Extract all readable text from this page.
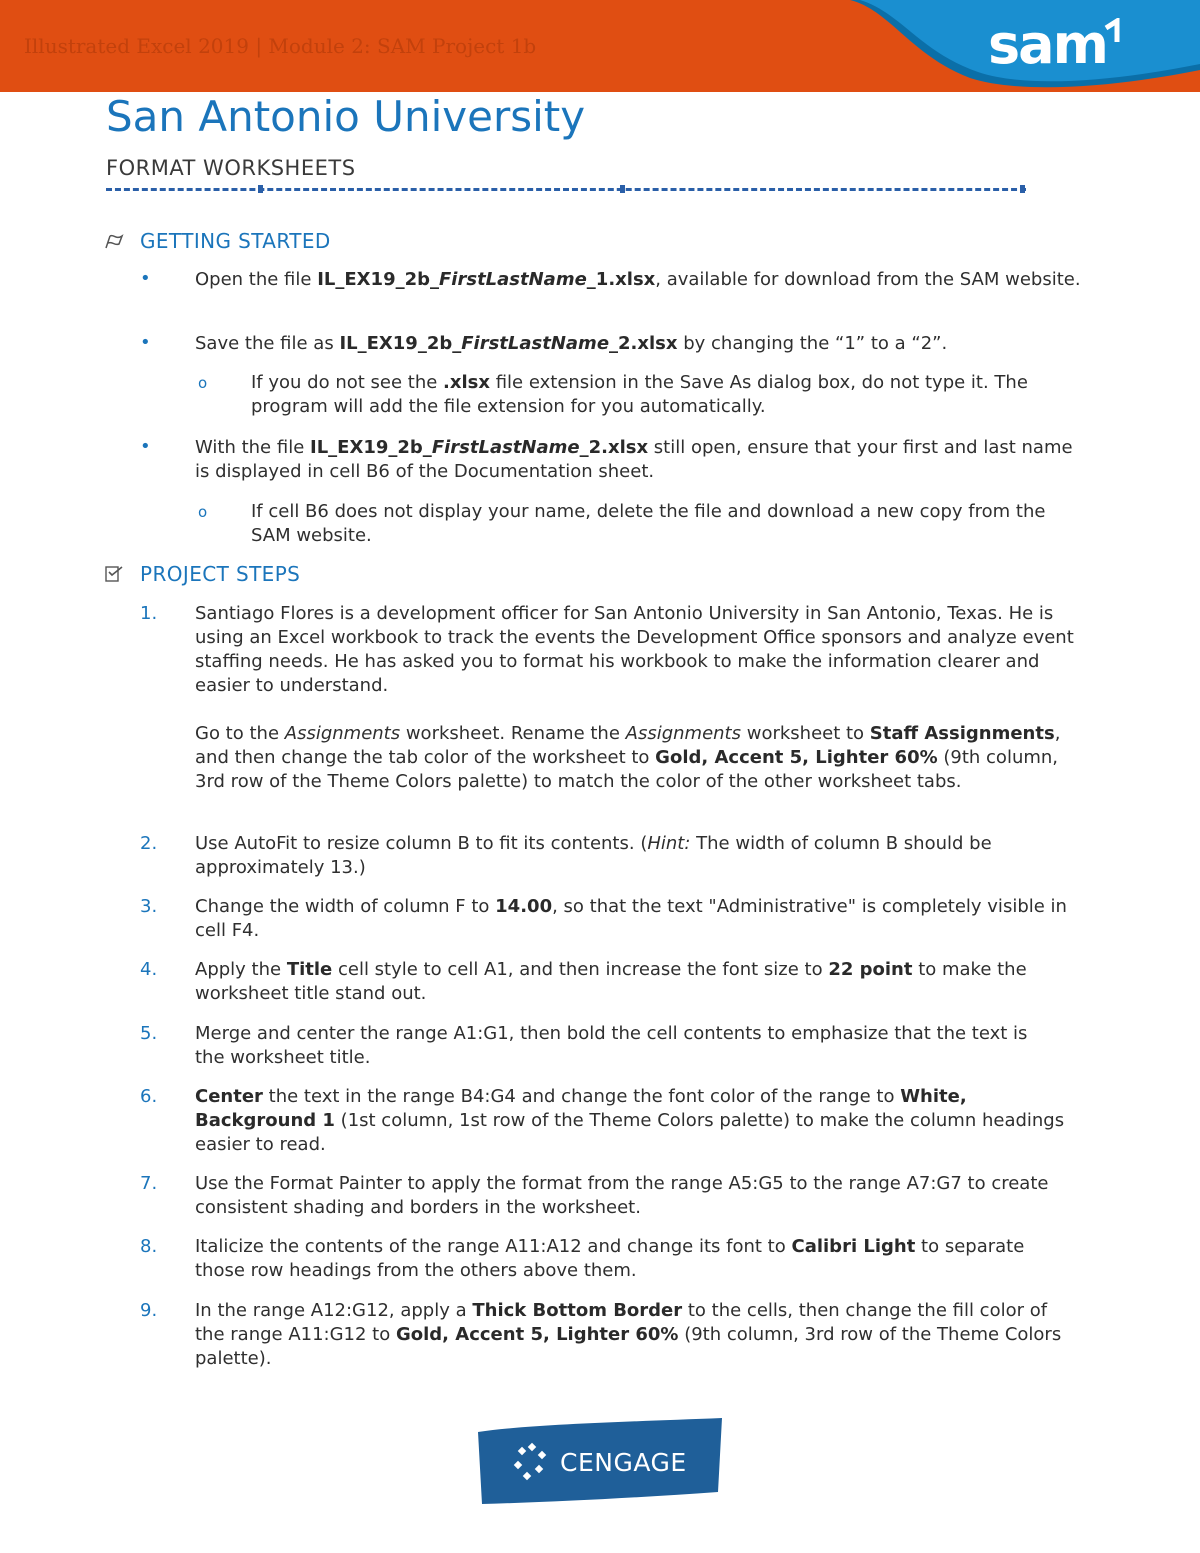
Illustrated Excel 2019 | Module 2: SAM Project 1b	sam
San Antonio University
FORMAT WORKSHEETS
GETTING STARTED
• Open the file IL_EX19_2b_FirstLastName_1.xlsx, available for download from the SAM website.

• Save the file as IL_EX19_2b_FirstLastName_2.xlsx by changing the “1” to a “2”.

o If you do not see the .xlsx file extension in the Save As dialog box, do not type it. The program will add the file extension for you automatically.

• With the file IL_EX19_2b_FirstLastName_2.xlsx still open, ensure that your first and last name is displayed in cell B6 of the Documentation sheet.

o If cell B6 does not display your name, delete the file and download a new copy from the SAM website.

PROJECT STEPS
1. Santiago Flores is a development officer for San Antonio University in San Antonio, Texas. He is using an Excel workbook to track the events the Development Office sponsors and analyze event staffing needs. He has asked you to format his workbook to make the information clearer and easier to understand.

Go to the Assignments worksheet. Rename the Assignments worksheet to Staff Assignments, and then change the tab color of the worksheet to Gold, Accent 5, Lighter 60% (9th column, 3rd row of the Theme Colors palette) to match the color of the other worksheet tabs.

2. Use AutoFit to resize column B to fit its contents. (Hint: The width of column B should be approximately 13.)

3. Change the width of column F to 14.00, so that the text "Administrative" is completely visible in cell F4.

4. Apply the Title cell style to cell A1, and then increase the font size to 22 point to make the worksheet title stand out.

5. Merge and center the range A1:G1, then bold the cell contents to emphasize that the text is the worksheet title.

6. Center the text in the range B4:G4 and change the font color of the range to White, Background 1 (1st column, 1st row of the Theme Colors palette) to make the column headings easier to read.

7. Use the Format Painter to apply the format from the range A5:G5 to the range A7:G7 to create consistent shading and borders in the worksheet.

8. Italicize the contents of the range A11:A12 and change its font to Calibri Light to separate those row headings from the others above them.

9. In the range A12:G12, apply a Thick Bottom Border to the cells, then change the fill color of the range A11:G12 to Gold, Accent 5, Lighter 60% (9th column, 3rd row of the Theme Colors palette).

CENGAGE
